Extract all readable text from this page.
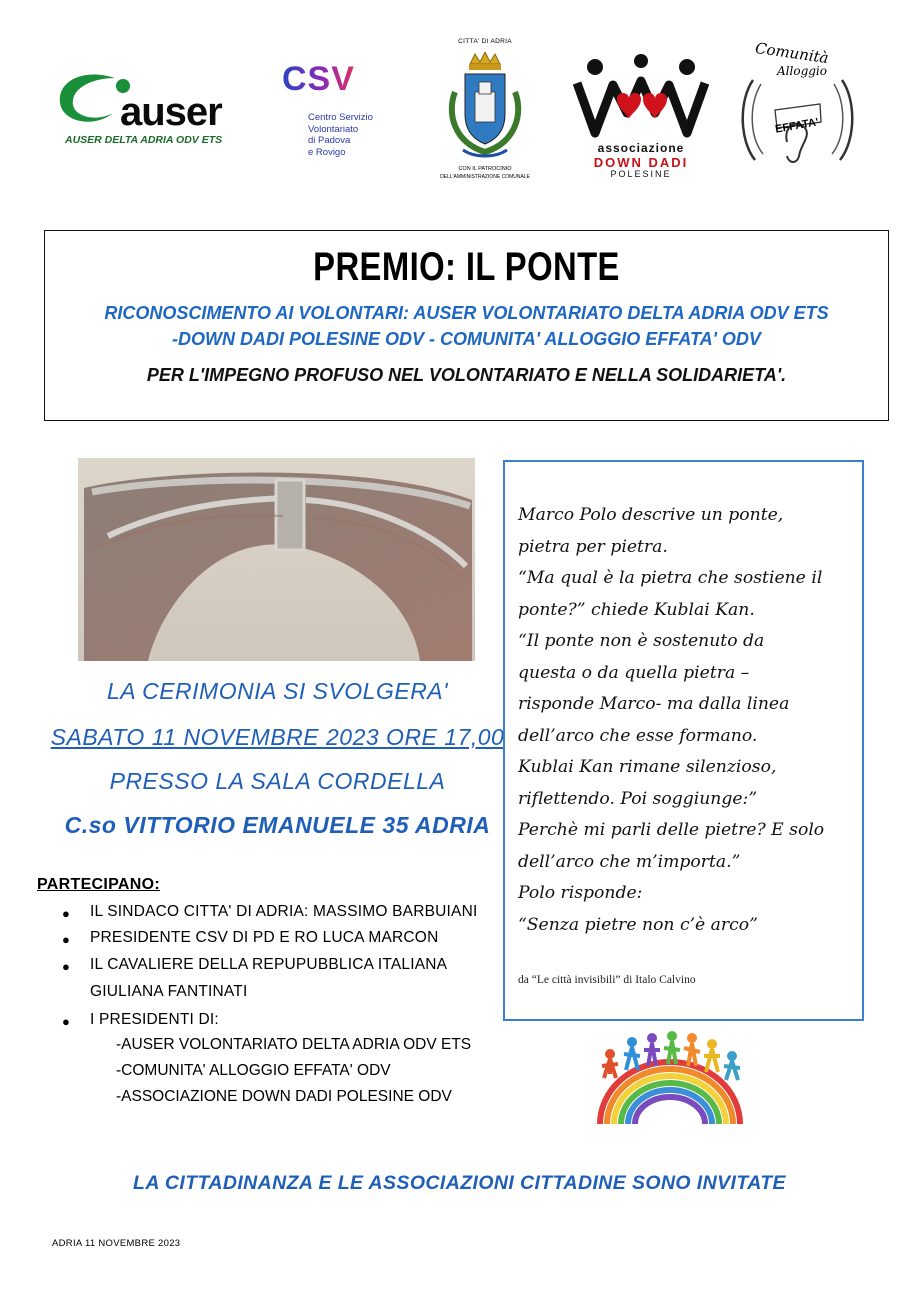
auser
AUSER DELTA ADRIA ODV ETS
CSV
Centro Servizio
Volontariato
di Padova
e Rovigo
CITTA' DI ADRIA
CON IL PATROCINIO
DELL'AMMINISTRAZIONE COMUNALE
associazione
DOWN DADI
POLESINE
Comunità
Alloggio
EFFATA'
PREMIO: IL PONTE
RICONOSCIMENTO AI VOLONTARI: AUSER VOLONTARIATO DELTA ADRIA ODV ETS
-DOWN DADI POLESINE ODV - COMUNITA' ALLOGGIO EFFATA' ODV
PER L'IMPEGNO PROFUSO NEL VOLONTARIATO E NELLA SOLIDARIETA'.
LA CERIMONIA SI SVOLGERA'
SABATO 11 NOVEMBRE 2023 ORE 17,00
PRESSO LA SALA CORDELLA
C.so VITTORIO EMANUELE 35 ADRIA
Marco Polo descrive un ponte,
pietra per pietra.
“Ma qual è la pietra che sostiene il
ponte?” chiede Kublai Kan.
“Il ponte non è sostenuto da
questa o da quella pietra –
risponde Marco- ma dalla linea
dell’arco che esse formano.
Kublai Kan rimane silenzioso,
riflettendo. Poi soggiunge:”
Perchè mi parli delle pietre? E solo
dell’arco che m’importa.”
Polo risponde:
“Senza pietre non c’è arco”
da “Le città invisibili” di Italo Calvino
PARTECIPANO:
● IL SINDACO CITTA' DI ADRIA: MASSIMO BARBUIANI
● PRESIDENTE CSV DI PD E RO LUCA MARCON
● IL CAVALIERE DELLA REPUPUBBLICA ITALIANA
GIULIANA FANTINATI
● I PRESIDENTI DI:
-AUSER VOLONTARIATO DELTA ADRIA ODV ETS
-COMUNITA' ALLOGGIO EFFATA' ODV
-ASSOCIAZIONE DOWN DADI POLESINE ODV
LA CITTADINANZA E LE ASSOCIAZIONI CITTADINE SONO INVITATE
ADRIA 11 NOVEMBRE 2023
